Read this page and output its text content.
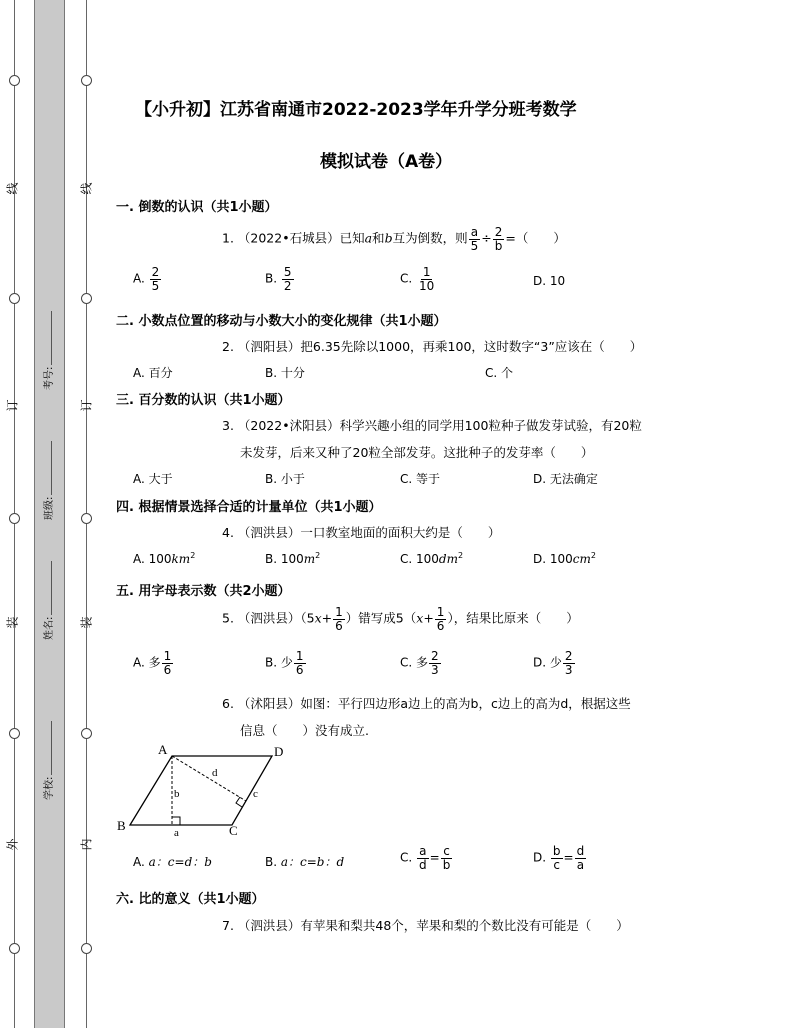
线
订
装
外
线
订
装
内
考号:
班级:
姓名:
学校:
【小升初】江苏省南通市2022-2023学年升学分班考数学
模拟试卷（A卷）
一. 倒数的认识（共1小题）
1. （2022•石城县）已知a和b互为倒数，则 $\frac{a}{5} \div \frac{2}{b}$ =（　　）
A. $\frac{2}{5}$	B. $\frac{5}{2}$	C. $\frac{1}{10}$	D. 10
二. 小数点位置的移动与小数大小的变化规律（共1小题）
2. （泗阳县）把6.35先除以1000，再乘100，这时数字“3”应该在（　　）
A. 百分	B. 十分	C. 个
三. 百分数的认识（共1小题）
3. （2022•沭阳县）科学兴趣小组的同学用100粒种子做发芽试验，有20粒
未发芽，后来又种了20粒全部发芽。这批种子的发芽率（　　）
A. 大于	B. 小于	C. 等于	D. 无法确定
四. 根据情景选择合适的计量单位（共1小题）
4. （泗洪县）一口教室地面的面积大约是（　　）
A. $100km^2$	B. $100m^2$	C. $100dm^2$	D. $100cm^2$
五. 用字母表示数（共2小题）
5. （泗洪县）（$5x+ \frac{1}{6}$ ）错写成$5(x+ \frac{1}{6}$ ），结果比原来（　　）
A. 多 $\frac{1}{6}$	B. 少 $\frac{1}{6}$	C. 多 $\frac{2}{3}$	D. 少 $\frac{2}{3}$
6. （沭阳县）如图：平行四边形a边上的高为b，c边上的高为d，根据这些
信息（　　）没有成立.
A	D
B	C
a
b	c
d
A. a：c=d：b	B. a：c=b：d	C. $\frac{a}{d} = \frac{c}{b}$	D. $\frac{b}{c} = \frac{d}{a}$
六. 比的意义（共1小题）
7. （泗洪县）有苹果和梨共48个，苹果和梨的个数比没有可能是（　　）
